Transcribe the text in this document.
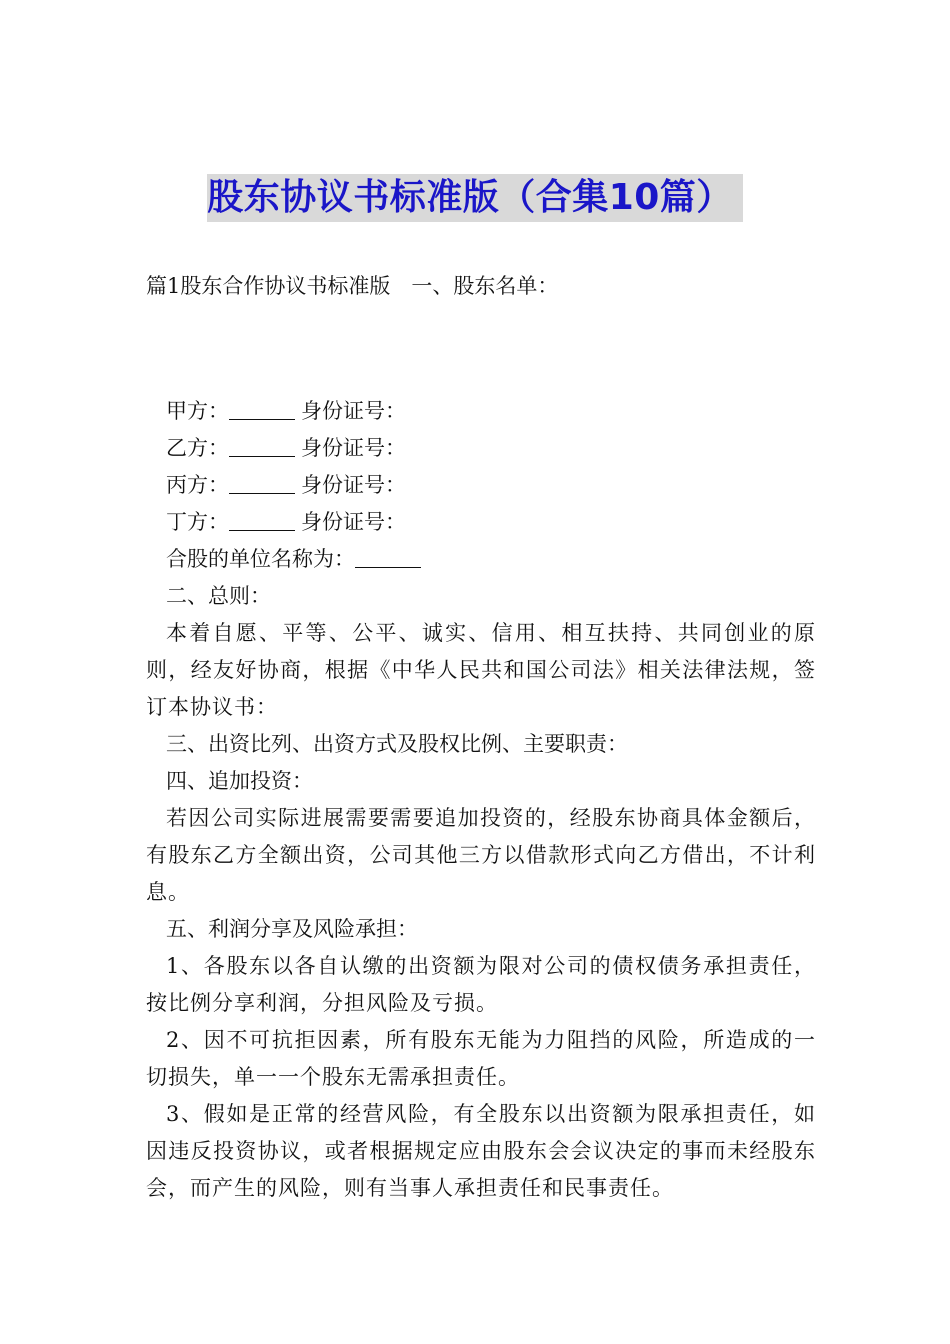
股东协议书标准版（合集10篇）
篇1股东合作协议书标准版　一、股东名单：
甲方：	身份证号：
乙方：	身份证号：
丙方：	身份证号：
丁方：	身份证号：
合股的单位名称为：
二、总则：
本着自愿、平等、公平、诚实、信用、相互扶持、共同创业的原则，经友好协商，根据《中华人民共和国公司法》相关法律法规，签订本协议书：
三、出资比列、出资方式及股权比例、主要职责：
四、追加投资：
若因公司实际进展需要需要追加投资的，经股东协商具体金额后，有股东乙方全额出资，公司其他三方以借款形式向乙方借出，不计利息。
五、利润分享及风险承担：
1、各股东以各自认缴的出资额为限对公司的债权债务承担责任，按比例分享利润，分担风险及亏损。
2、因不可抗拒因素，所有股东无能为力阻挡的风险，所造成的一切损失，单一一个股东无需承担责任。
3、假如是正常的经营风险，有全股东以出资额为限承担责任，如因违反投资协议，或者根据规定应由股东会会议决定的事而未经股东会，而产生的风险，则有当事人承担责任和民事责任。
